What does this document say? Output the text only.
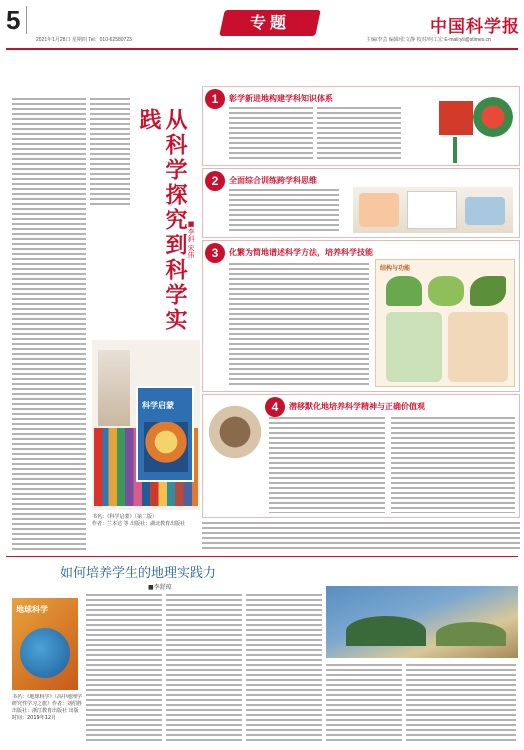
5
2021年1月28日 星期四 Tel：010-62580723
专题	中国科学报
主编/李芸 编辑/张文静 校对/何工宏 E-mail:yli@stimes.cn
从科学探究到科学实践
■李斜 宋伟
科学启蒙
书名：《科学启蒙》（第二版）
作者：兰本达 等 出版社：湖北教育出版社
1	彰学新进地构建学科知识体系
2	全面综合训练跨学科思维
3	化繁为简地谱述科学方法，培养科学技能
结构与功能
4	潜移默化地培养科学精神与正确价值观
如何培养学生的地理实践力
■李舒琼
地球科学
书名：《地球科学》（高中地理学研究性学习之旅）作者：刘绍胜 出版社：浙江教育出版社 出版时间：2019年12月
